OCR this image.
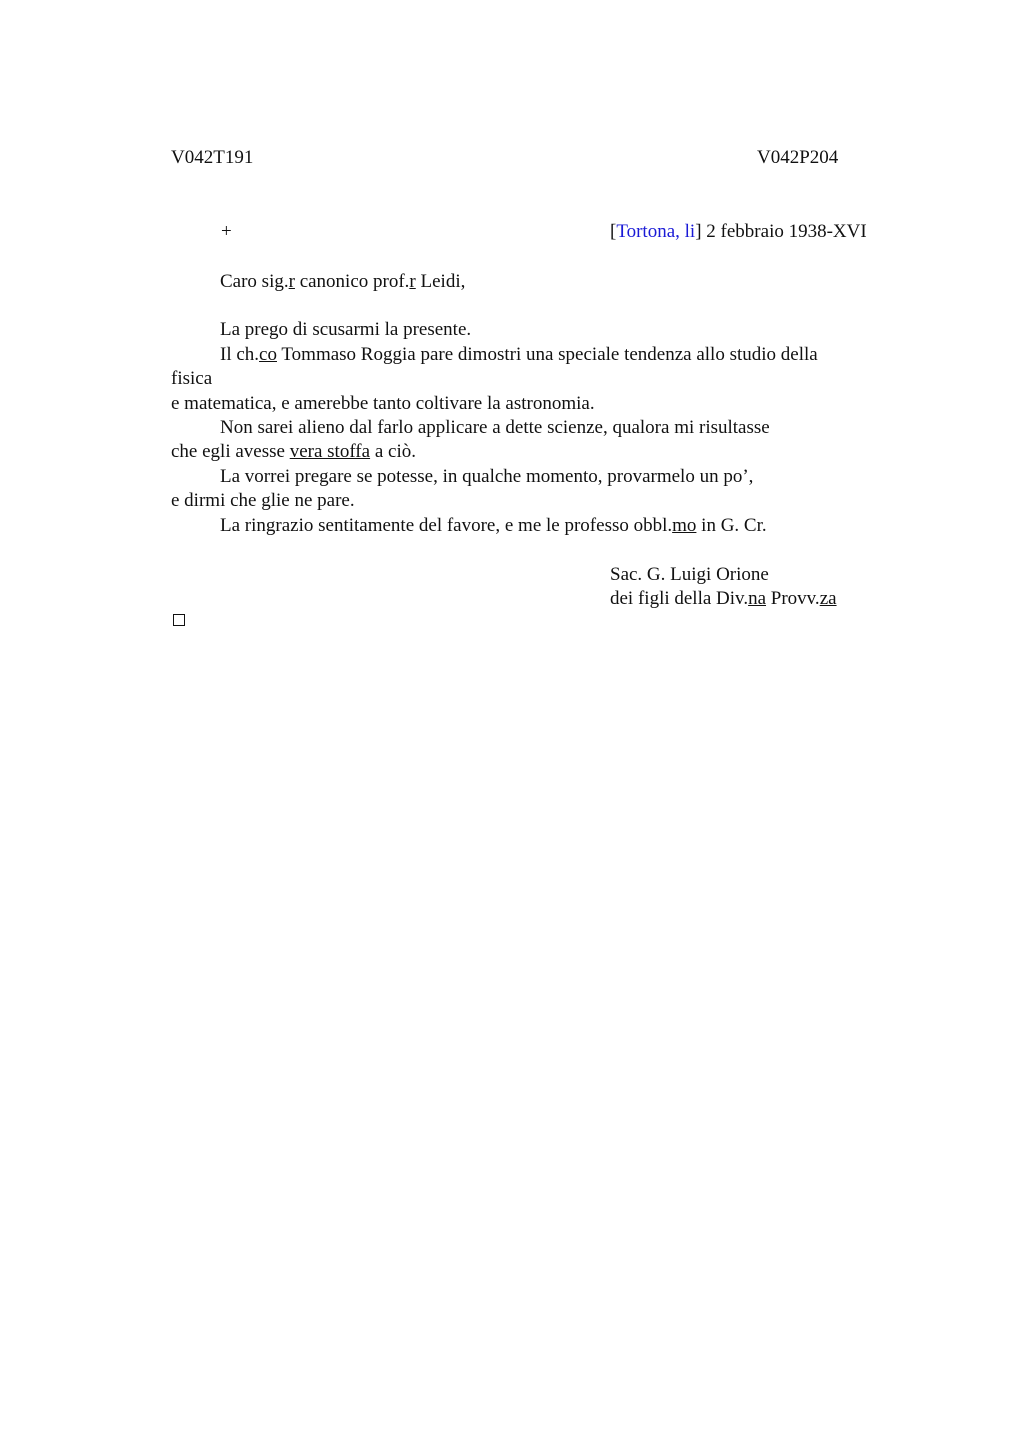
V042T191	V042P204
+	[Tortona, li] 2 febbraio 1938-XVI
Caro sig.r canonico prof.r Leidi,
La prego di scusarmi la presente.
Il ch.co Tommaso Roggia pare dimostri una speciale tendenza allo studio della
fisica
e matematica, e amerebbe tanto coltivare la astronomia.
Non sarei alieno dal farlo applicare a dette scienze, qualora mi risultasse
che egli avesse vera stoffa a ciò.
La vorrei pregare se potesse, in qualche momento, provarmelo un po’,
e dirmi che glie ne pare.
La ringrazio sentitamente del favore, e me le professo obbl.mo in G. Cr.
Sac. G. Luigi Orione
dei figli della Div.na Provv.za
